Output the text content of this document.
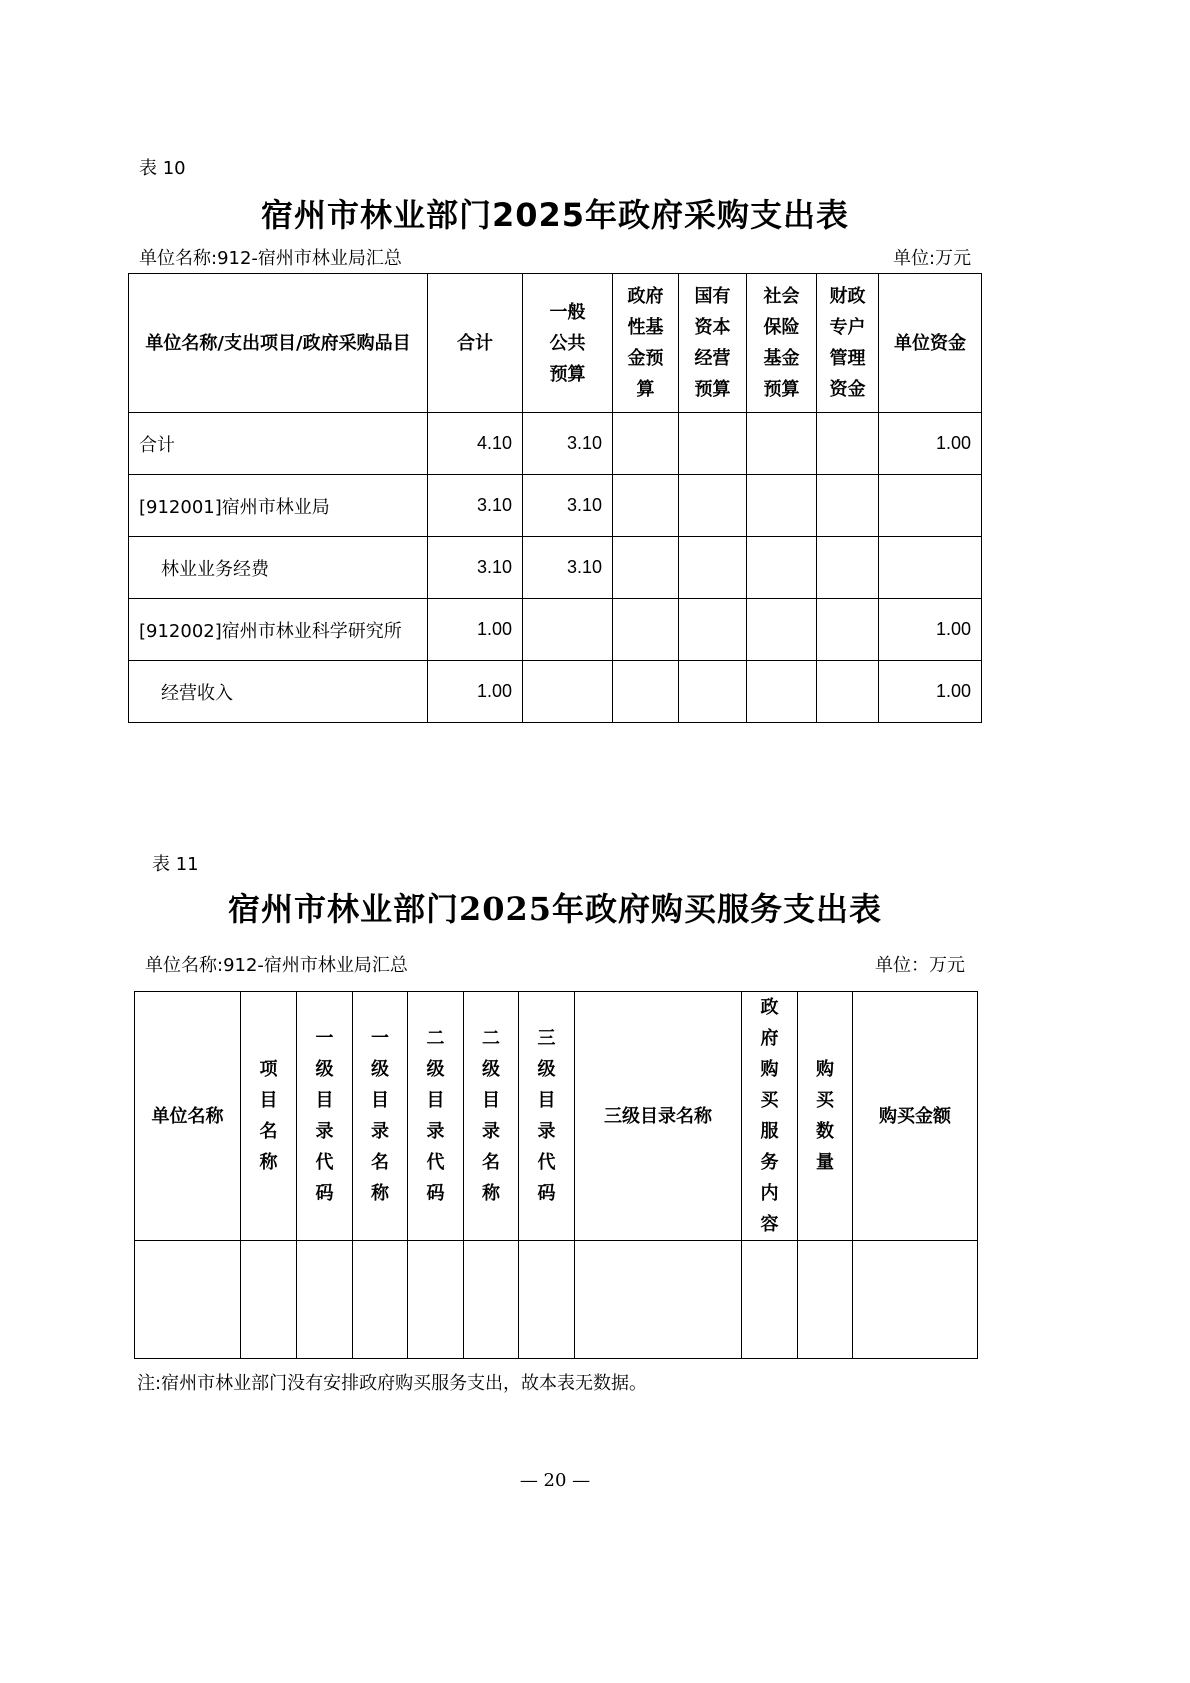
表 10
宿州市林业部门2025年政府采购支出表
单位名称:912-宿州市林业局汇总	单位:万元
单位名称/支出项目/政府采购品目	合计	一般公共预算	政府性基金预算	国有资本经营预算	社会保险基金预算	财政专户管理资金	单位资金
合计	4.10	3.10					1.00
[912001]宿州市林业局	3.10	3.10					
林业业务经费	3.10	3.10					
[912002]宿州市林业科学研究所	1.00						1.00
经营收入	1.00						1.00
表 11
宿州市林业部门2025年政府购买服务支出表
单位名称:912-宿州市林业局汇总	单位：万元
单位名称	项目名称	一级目录代码	一级目录名称	二级目录代码	二级目录名称	三级目录代码	三级目录名称	政府购买服务内容	购买数量	购买金额

注:宿州市林业部门没有安排政府购买服务支出，故本表无数据。
— 20 —
